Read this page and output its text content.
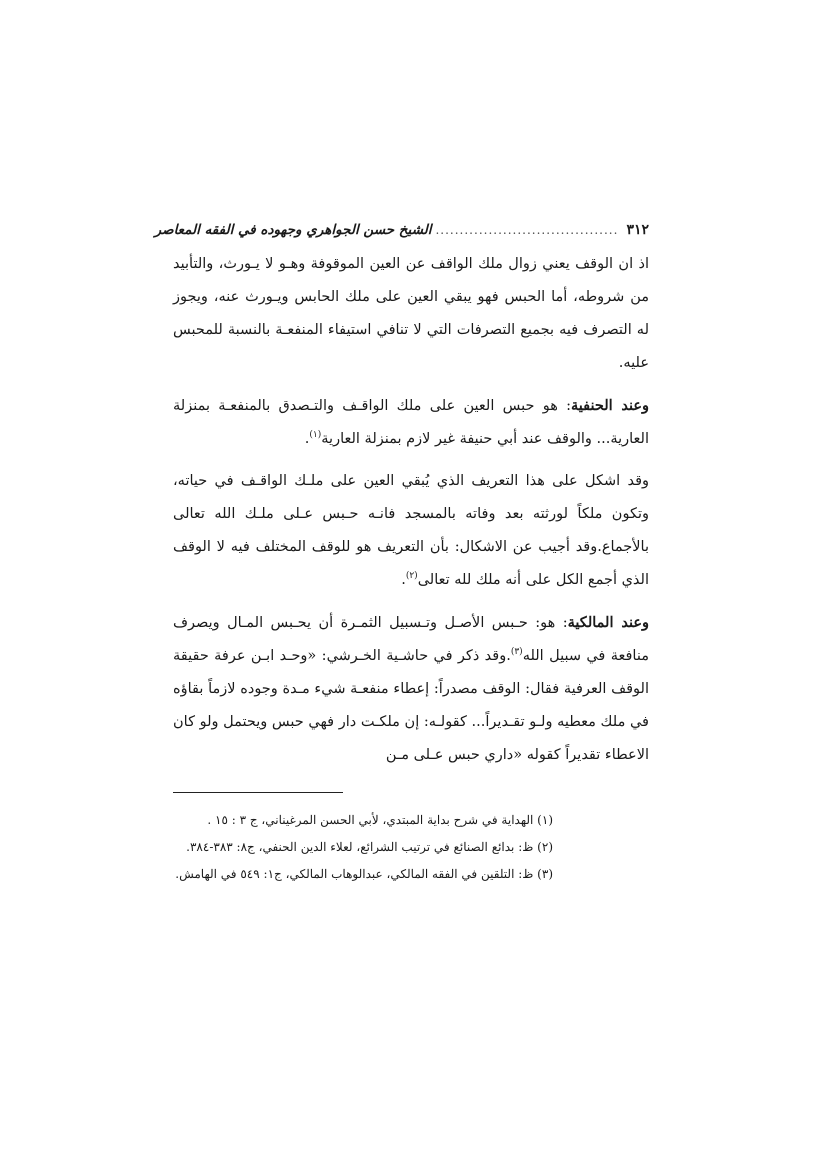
٣١٢
......................................
الشيخ حسن الجواهري وجهوده في الفقه المعاصر

اذ ان الوقف يعني زوال ملك الواقف عن العين الموقوفة وهـو لا يـورث، والتأبيد من شروطه، أما الحبس فهو يبقي العين على ملك الحابس ويـورث عنه، ويجوز له التصرف فيه بجميع التصرفات التي لا تنافي استيفاء المنفعـة بالنسبة للمحبس عليه.

وعند الحنفية: هو حبس العين على ملك الواقـف والتـصدق بالمنفعـة بمنزلة العارية... والوقف عند أبي حنيفة غير لازم بمنزلة العارية$^{(١)}$.

وقد اشكل على هذا التعريف الذي يُبقي العين على ملـك الواقـف في حياته، وتكون ملكاً لورثته بعد وفاته بالمسجد فانـه حـبس عـلى ملـك الله تعالى بالأجماع.وقد أجيب عن الاشكال: بأن التعريف هو للوقف المختلف فيه لا الوقف الذي أجمع الكل على أنه ملك لله تعالى$^{(٢)}$.

وعند المالكية: هو: حـبس الأصـل وتـسبيل الثمـرة أن يحـبس المـال ويصرف منافعة في سبيل الله$^{(٣)}$.وقد ذكر في حاشـية الخـرشي: «وحـد ابـن عرفة حقيقة الوقف العرفية فقال: الوقف مصدراً: إعطاء منفعـة شيء مـدة وجوده لازماً بقاؤه في ملك معطيه ولـو تقـديراً... كقولـه: إن ملكـت دار فهي حبس ويحتمل ولو كان الاعطاء تقديراً كقوله «داري حبس عـلى مـن

(١) الهداية في شرح بداية المبتدي، لأبي الحسن المرغيناني، ج ٣ : ١٥ .
(٢) ظ: بدائع الصنائع في ترتيب الشرائع، لعلاء الدين الحنفي، ج٨: ٣٨٣-٣٨٤.
(٣) ظ: التلقين في الفقه المالكي، عبدالوهاب المالكي، ج١: ٥٤٩ في الهامش.
